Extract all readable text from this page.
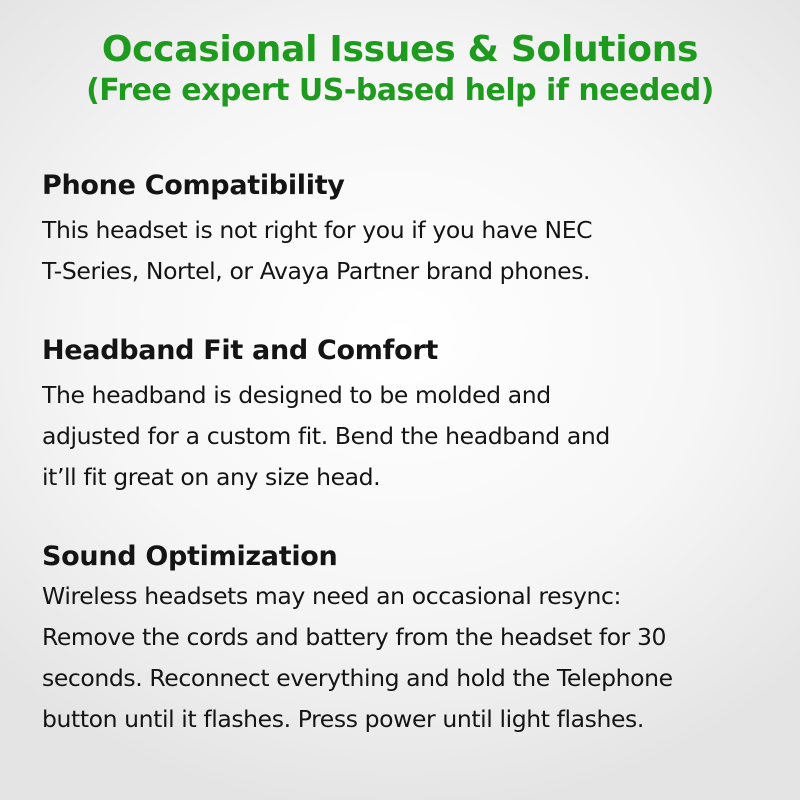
Occasional Issues & Solutions
(Free expert US-based help if needed)
Phone Compatibility

This headset is not right for you if you have NEC
T-Series, Nortel, or Avaya Partner brand phones.

Headband Fit and Comfort

The headband is designed to be molded and
adjusted for a custom fit. Bend the headband and
it’ll fit great on any size head.

Sound Optimization

Wireless headsets may need an occasional resync:
Remove the cords and battery from the headset for 30
seconds. Reconnect everything and hold the Telephone
button until it flashes. Press power until light flashes.
